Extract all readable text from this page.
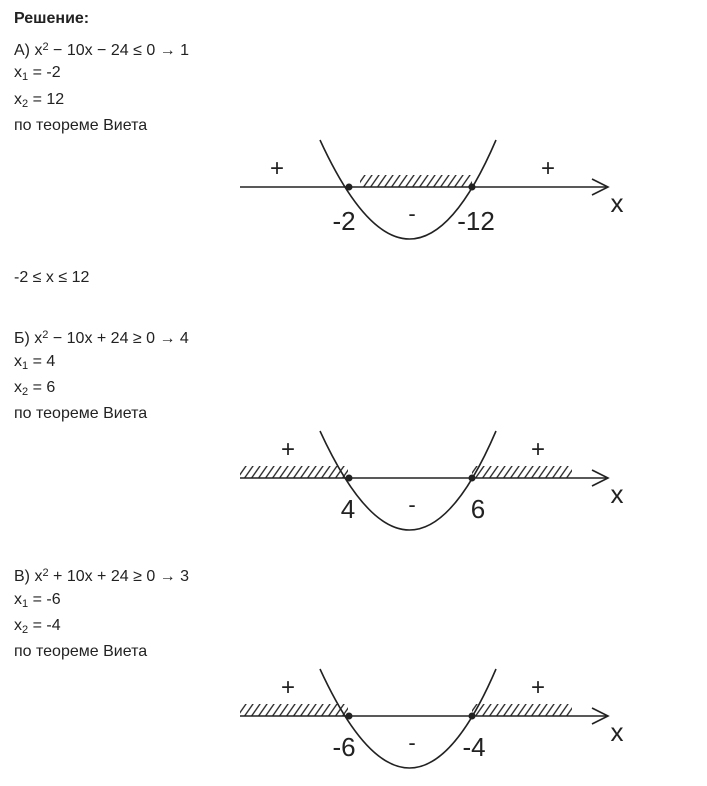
Решение:
А) $x^2 - 10x - 24 \le 0 \to 1$
$x_1 = -2$
$x_2 = 12$
по теореме Виета
+
-
+
-2	-12
x
-2 ≤ x ≤ 12
Б) $x^2 - 10x + 24 \ge 0 \to 4$
$x_1 = 4$
$x_2 = 6$
по теореме Виета
+
-
+
4	6	x
В) $x^2 + 10x + 24 \ge 0 \to 3$
$x_1 = -6$
$x_2 = -4$
по теореме Виета
+
-
+
-6	-4	x
